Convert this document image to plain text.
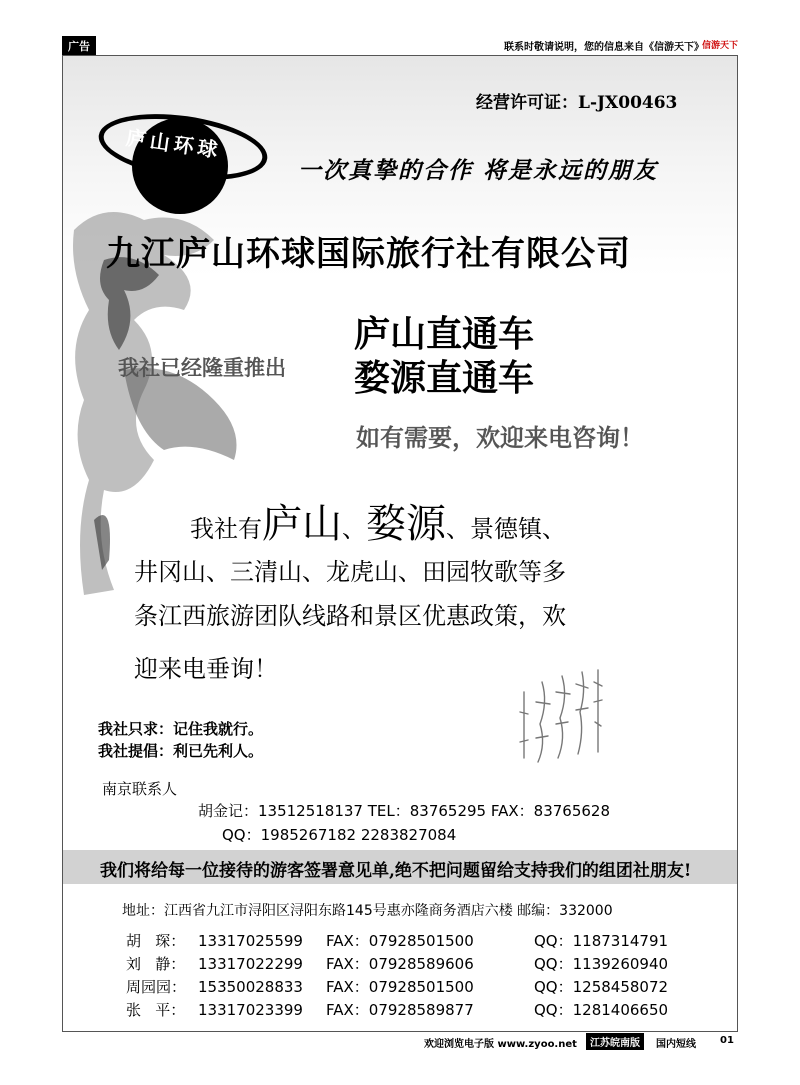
广告	联系时敬请说明，您的信息来自《信游天下》
信游天下
经营许可证：L-JX00463
庐山环球
一次真挚的合作 将是永远的朋友
九江庐山环球国际旅行社有限公司
我社已经隆重推出
庐山直通车
婺源直通车
如有需要，欢迎来电咨询！
我社有庐山、婺源、景德镇、
井冈山、三清山、龙虎山、田园牧歌等多
条江西旅游团队线路和景区优惠政策，欢
迎来电垂询！
我社只求：记住我就行。
我社提倡：利已先利人。
南京联系人
胡金记：13512518137 TEL：83765295 FAX：83765628
QQ：1985267182 2283827084
我们将给每一位接待的游客签署意见单,绝不把问题留给支持我们的组团社朋友!
地址：江西省九江市浔阳区浔阳东路145号惠亦隆商务酒店六楼 邮编：332000
胡   琛： 13317025599 FAX：07928501500	QQ：1187314791
刘   静： 13317022299 FAX：07928589606	QQ：1139260940
周园园： 15350028833 FAX：07928501500	QQ：1258458072
张   平： 13317023399 FAX：07928589877	QQ：1281406650
欢迎浏览电子版 www.zyoo.net	江苏皖南版	国内短线 01
